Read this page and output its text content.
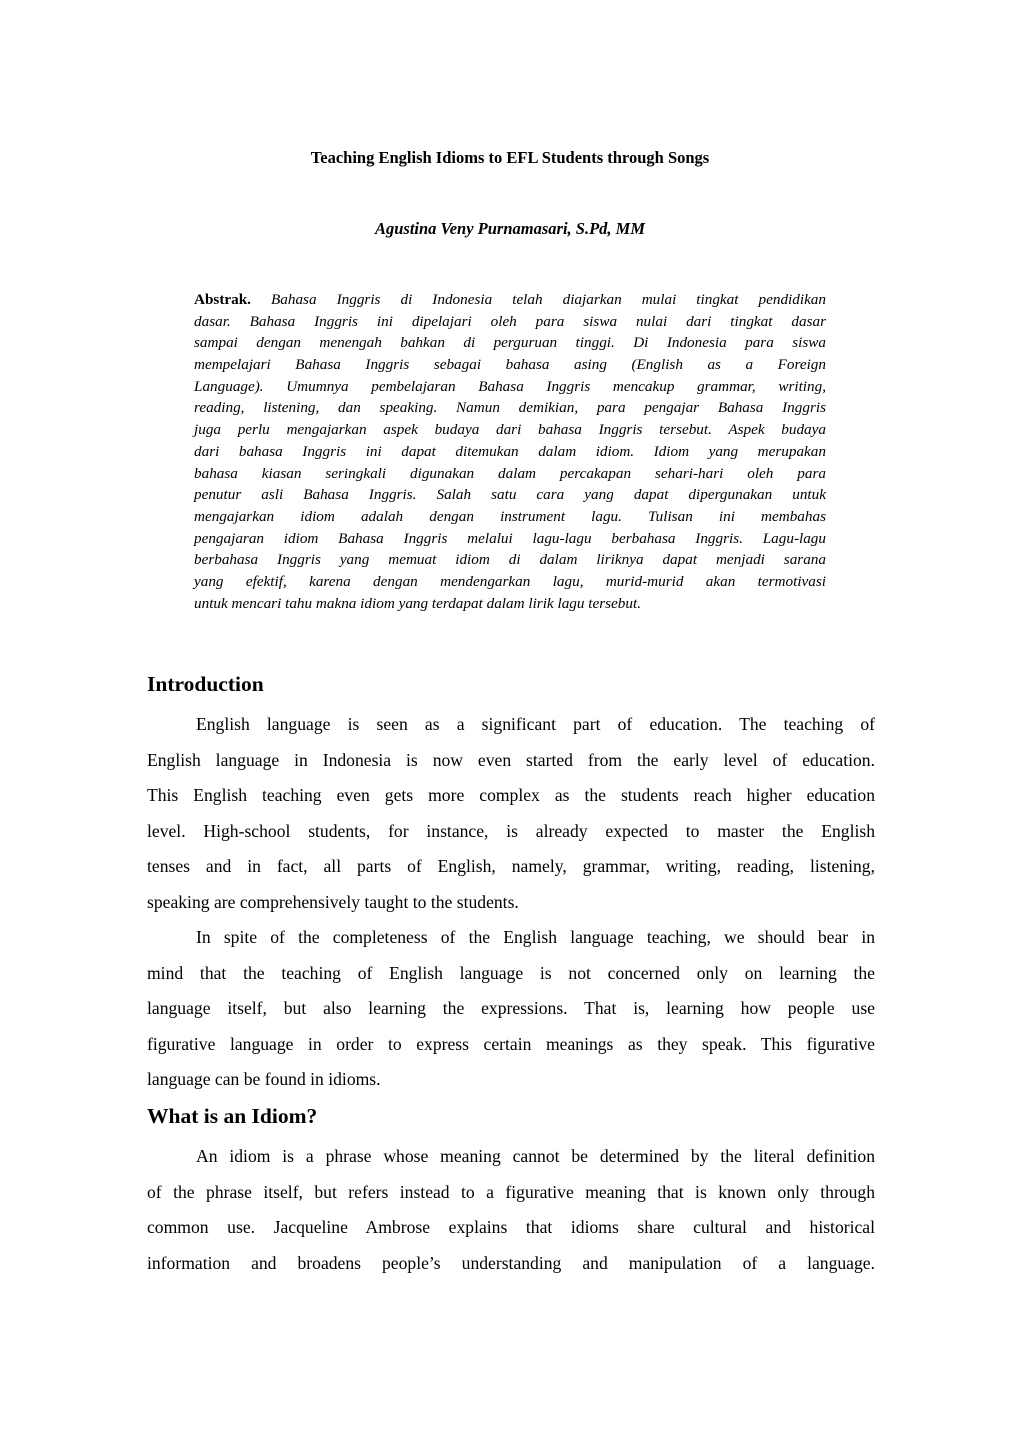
Teaching English Idioms to EFL Students through Songs
Agustina Veny Purnamasari, S.Pd, MM
Abstrak. Bahasa Inggris di Indonesia telah diajarkan mulai tingkat pendidikan
dasar. Bahasa Inggris ini dipelajari oleh para siswa nulai dari tingkat dasar
sampai dengan menengah bahkan di perguruan tinggi. Di Indonesia para siswa
mempelajari Bahasa Inggris sebagai bahasa asing (English as a Foreign
Language). Umumnya pembelajaran Bahasa Inggris mencakup grammar, writing,
reading, listening, dan speaking. Namun demikian, para pengajar Bahasa Inggris
juga perlu mengajarkan aspek budaya dari bahasa Inggris tersebut. Aspek budaya
dari bahasa Inggris ini dapat ditemukan dalam idiom. Idiom yang merupakan
bahasa kiasan seringkali digunakan dalam percakapan sehari-hari oleh para
penutur asli Bahasa Inggris. Salah satu cara yang dapat dipergunakan untuk
mengajarkan idiom adalah dengan instrument lagu. Tulisan ini membahas
pengajaran idiom Bahasa Inggris melalui lagu-lagu berbahasa Inggris. Lagu-lagu
berbahasa Inggris yang memuat idiom di dalam liriknya dapat menjadi sarana
yang efektif, karena dengan mendengarkan lagu, murid-murid akan termotivasi
untuk mencari tahu makna idiom yang terdapat dalam lirik lagu tersebut.
Introduction
English language is seen as a significant part of education. The teaching of
English language in Indonesia is now even started from the early level of education.
This English teaching even gets more complex as the students reach higher education
level. High-school students, for instance, is already expected to master the English
tenses and in fact, all parts of English, namely, grammar, writing, reading, listening,
speaking are comprehensively taught to the students.
In spite of the completeness of the English language teaching, we should bear in
mind that the teaching of English language is not concerned only on learning the
language itself, but also learning the expressions. That is, learning how people use
figurative language in order to express certain meanings as they speak. This figurative
language can be found in idioms.
What is an Idiom?
An idiom is a phrase whose meaning cannot be determined by the literal definition
of the phrase itself, but refers instead to a figurative meaning that is known only through
common use. Jacqueline Ambrose explains that idioms share cultural and historical
information and broadens people’s understanding and manipulation of a language.
